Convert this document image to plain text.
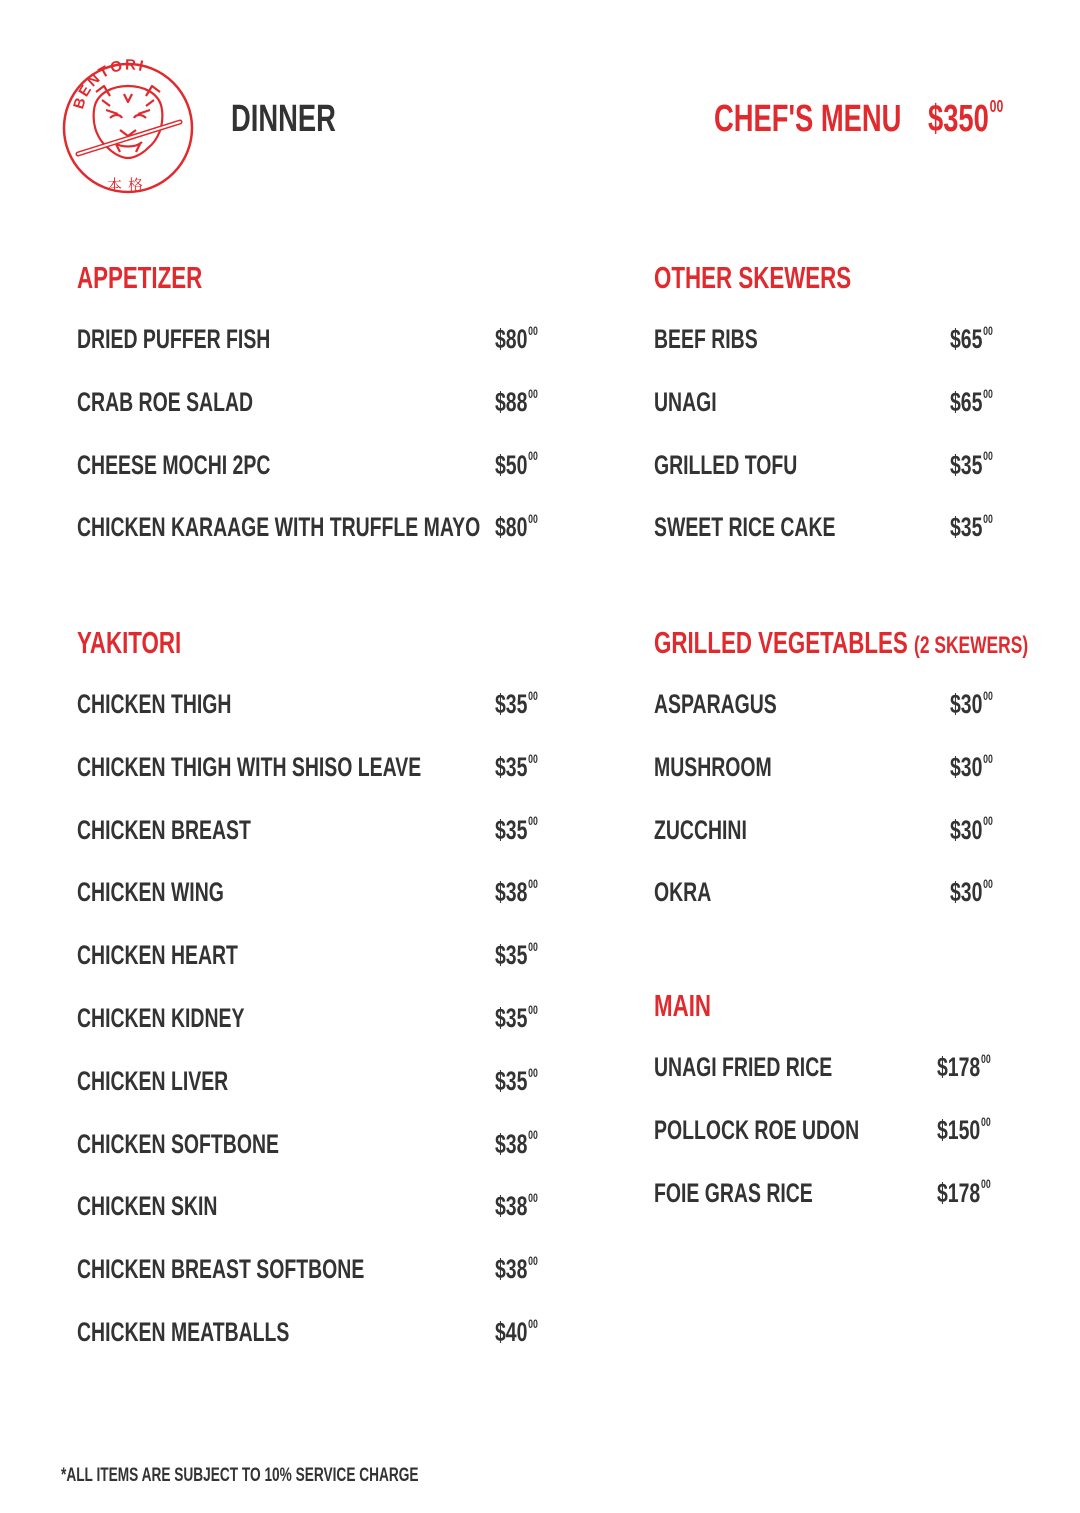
BENTORI
本格
DINNER	CHEF'S MENU $\$350^{00}$
APPETIZER
DRIED PUFFER FISH	$\$80^{00}$
CRAB ROE SALAD	$\$88^{00}$
CHEESE MOCHI 2PC	$\$50^{00}$
CHICKEN KARAAGE WITH TRUFFLE MAYO $\$80^{00}$
YAKITORI
CHICKEN THIGH	$\$35^{00}$
CHICKEN THIGH WITH SHISO LEAVE	$\$35^{00}$
CHICKEN BREAST	$\$35^{00}$
CHICKEN WING	$\$38^{00}$
CHICKEN HEART	$\$35^{00}$
CHICKEN KIDNEY	$\$35^{00}$
CHICKEN LIVER	$\$35^{00}$
CHICKEN SOFTBONE	$\$38^{00}$
CHICKEN SKIN	$\$38^{00}$
CHICKEN BREAST SOFTBONE	$\$38^{00}$
CHICKEN MEATBALLS	$\$40^{00}$
OTHER SKEWERS
BEEF RIBS	$\$65^{00}$
UNAGI	$\$65^{00}$
GRILLED TOFU	$\$35^{00}$
SWEET RICE CAKE	$\$35^{00}$
GRILLED VEGETABLES (2 SKEWERS)
ASPARAGUS	$\$30^{00}$
MUSHROOM	$\$30^{00}$
ZUCCHINI	$\$30^{00}$
OKRA	$\$30^{00}$
MAIN
UNAGI FRIED RICE	$\$178^{00}$
POLLOCK ROE UDON	$\$150^{00}$
FOIE GRAS RICE	$\$178^{00}$
*ALL ITEMS ARE SUBJECT TO 10% SERVICE CHARGE
